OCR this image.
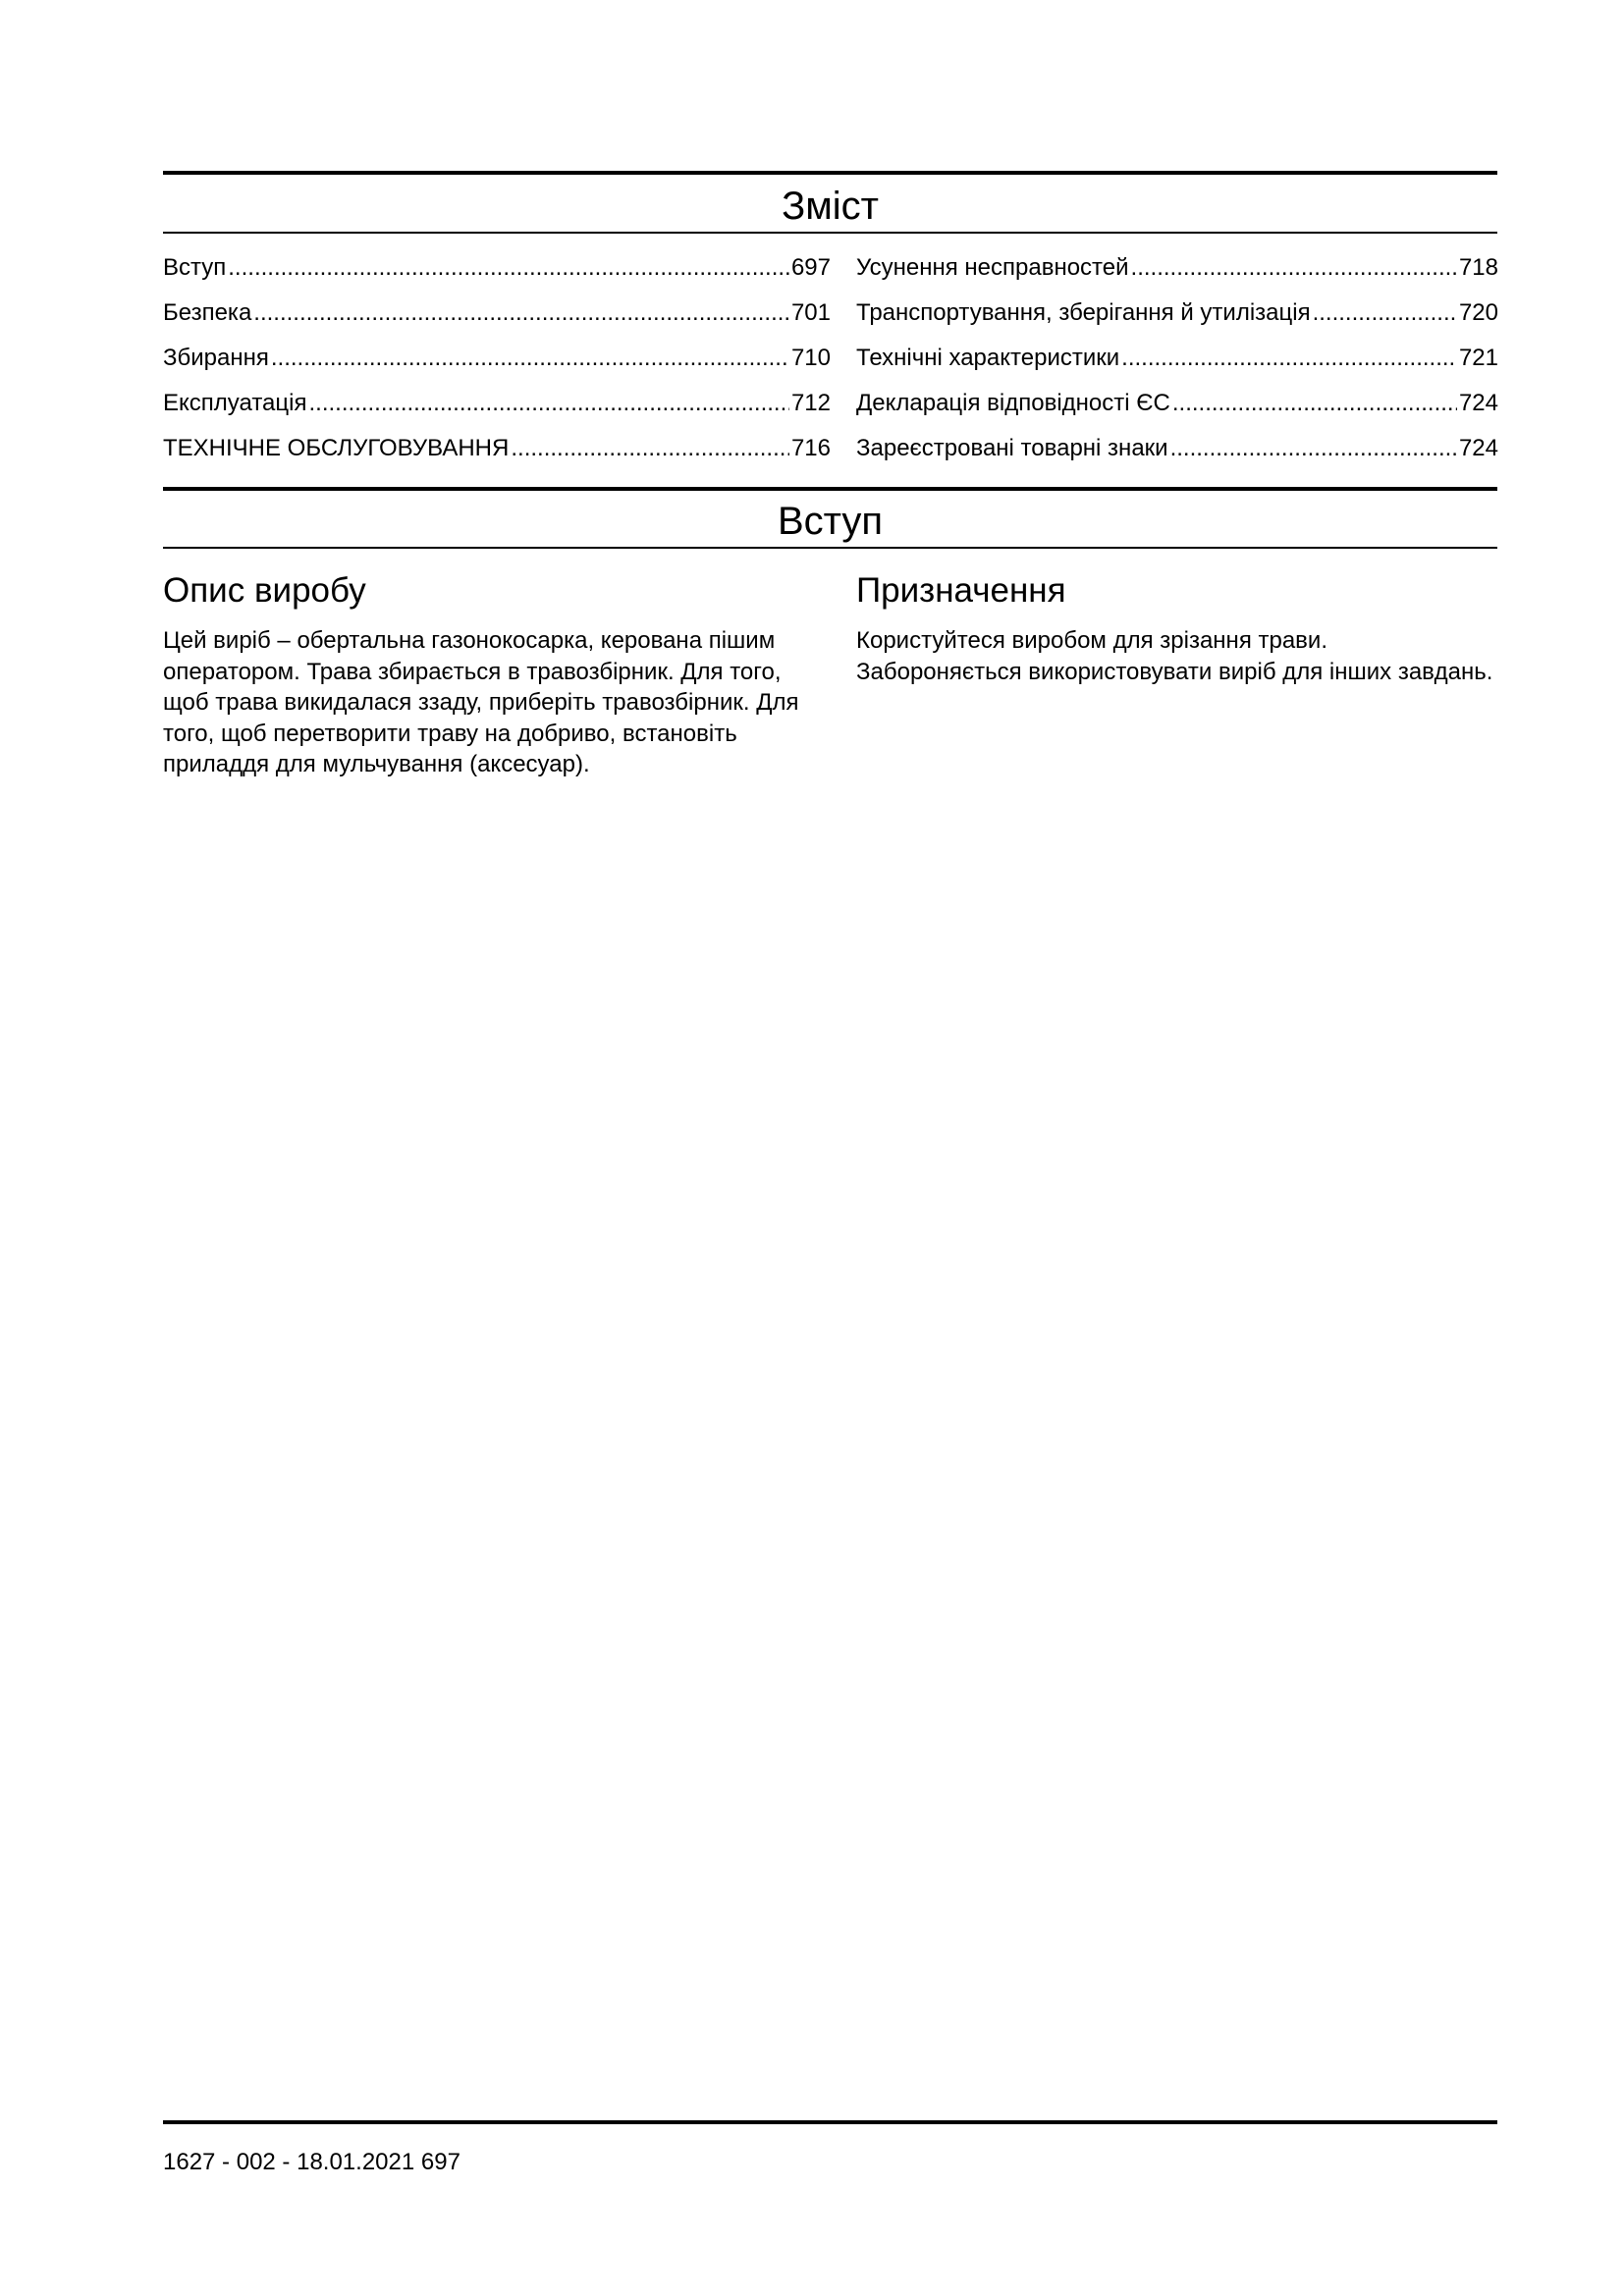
Зміст
Вступ .....	697
Безпека .....	701
Збирання .....	710
Експлуатація .....	712
ТЕХНІЧНЕ ОБСЛУГОВУВАННЯ .....	716
Усунення несправностей .....	718
Транспортування, зберігання й утилізація .....	720
Технічні характеристики .....	721
Декларація відповідності ЄС .....	724
Зареєстровані товарні знаки .....	724
Вступ
Опис виробу
Цей виріб – обертальна газонокосарка, керована пішим оператором. Трава збирається в травозбірник. Для того, щоб трава викидалася ззаду, приберіть травозбірник. Для того, щоб перетворити траву на добриво, встановіть приладдя для мульчування (аксесуар).
Призначення
Користуйтеся виробом для зрізання трави. Забороняється використовувати виріб для інших завдань.
1627 - 002 - 18.01.2021 697
